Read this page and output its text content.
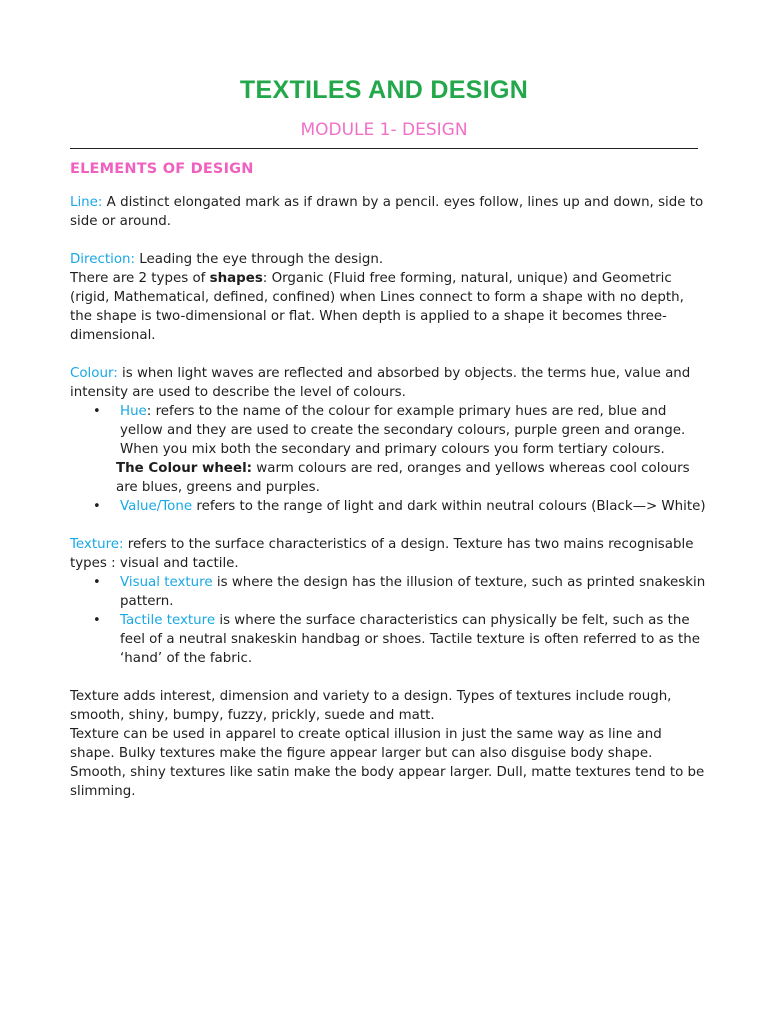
TEXTILES AND DESIGN
MODULE 1- DESIGN
ELEMENTS OF DESIGN

Line: A distinct elongated mark as if drawn by a pencil. eyes follow, lines up and down, side to side or around.

Direction: Leading the eye through the design.

There are 2 types of shapes: Organic (Fluid free forming, natural, unique) and Geometric (rigid, Mathematical, defined, confined) when Lines connect to form a shape with no depth, the shape is two-dimensional or flat. When depth is applied to a shape it becomes three-dimensional.

Colour: is when light waves are reflected and absorbed by objects. the terms hue, value and intensity are used to describe the level of colours.

• Hue: refers to the name of the colour for example primary hues are red, blue and yellow and they are used to create the secondary colours, purple green and orange. When you mix both the secondary and primary colours you form tertiary colours.

The Colour wheel: warm colours are red, oranges and yellows whereas cool colours are blues, greens and purples.

• Value/Tone refers to the range of light and dark within neutral colours (Black—> White)

Texture: refers to the surface characteristics of a design. Texture has two mains recognisable types : visual and tactile.

• Visual texture is where the design has the illusion of texture, such as printed snakeskin pattern.
• Tactile texture is where the surface characteristics can physically be felt, such as the feel of a neutral snakeskin handbag or shoes. Tactile texture is often referred to as the ‘hand’ of the fabric.

Texture adds interest, dimension and variety to a design. Types of textures include rough, smooth, shiny, bumpy, fuzzy, prickly, suede and matt.

Texture can be used in apparel to create optical illusion in just the same way as line and shape. Bulky textures make the figure appear larger but can also disguise body shape. Smooth, shiny textures like satin make the body appear larger. Dull, matte textures tend to be slimming.
